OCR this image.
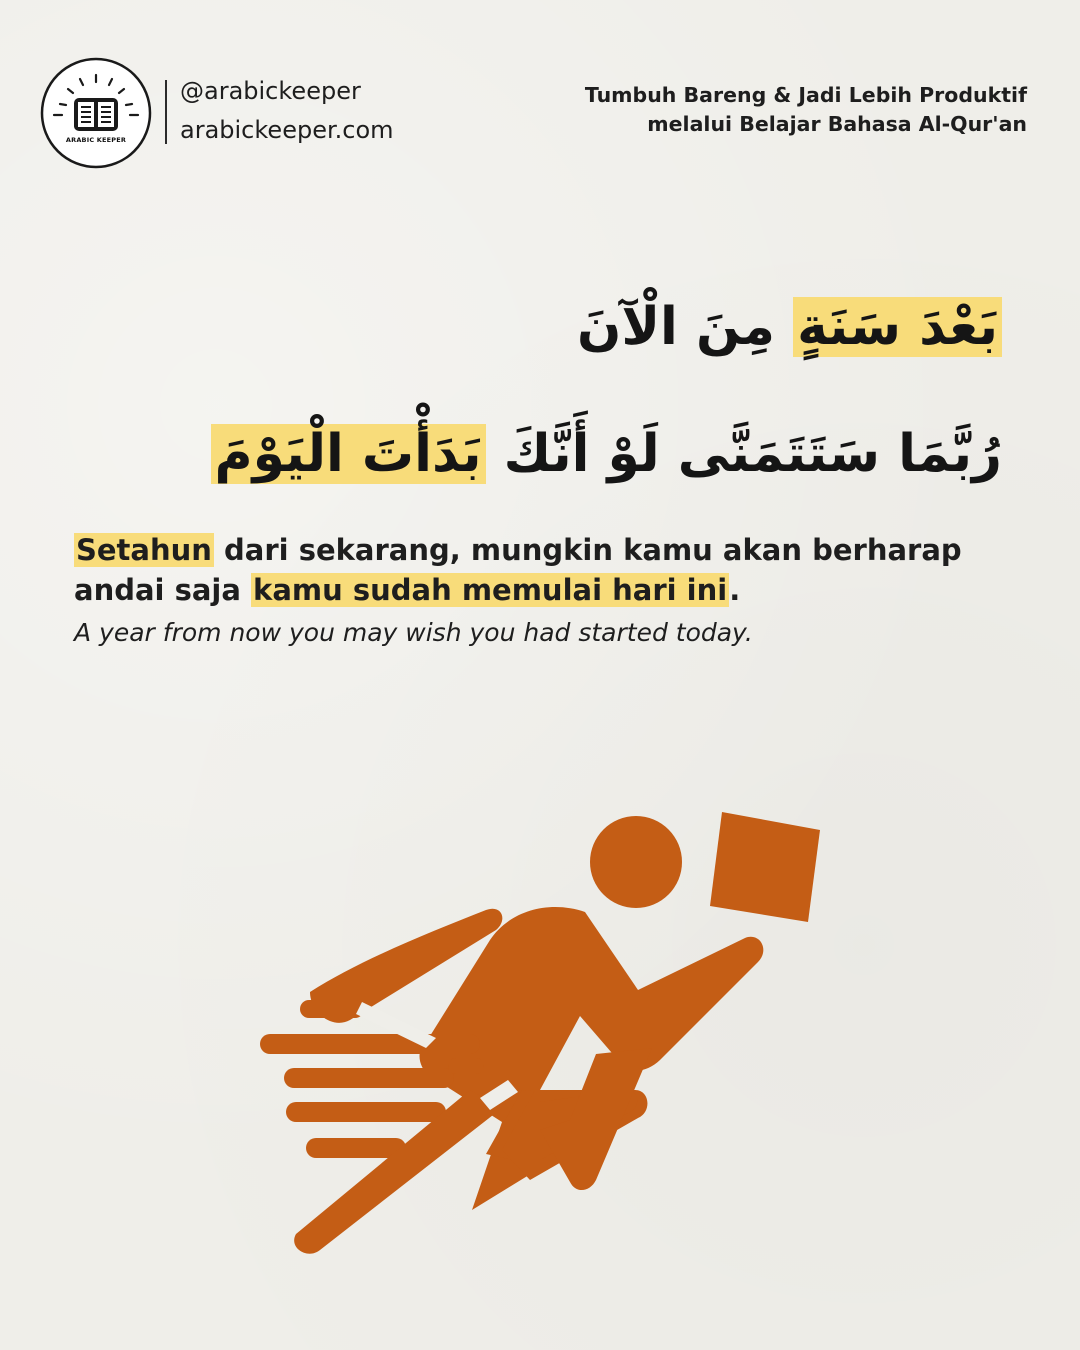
ARABIC KEEPER
@arabickeeper
arabickeeper.com
Tumbuh Bareng & Jadi Lebih Produktif
melalui Belajar Bahasa Al-Qur'an
بَعْدَ سَنَةٍ مِنَ الْآنَ
رُبَّمَا سَتَتَمَنَّى لَوْ أَنَّكَ بَدَأْتَ الْيَوْمَ
Setahun dari sekarang, mungkin kamu akan berharap andai saja kamu sudah memulai hari ini.
A year from now you may wish you had started today.
